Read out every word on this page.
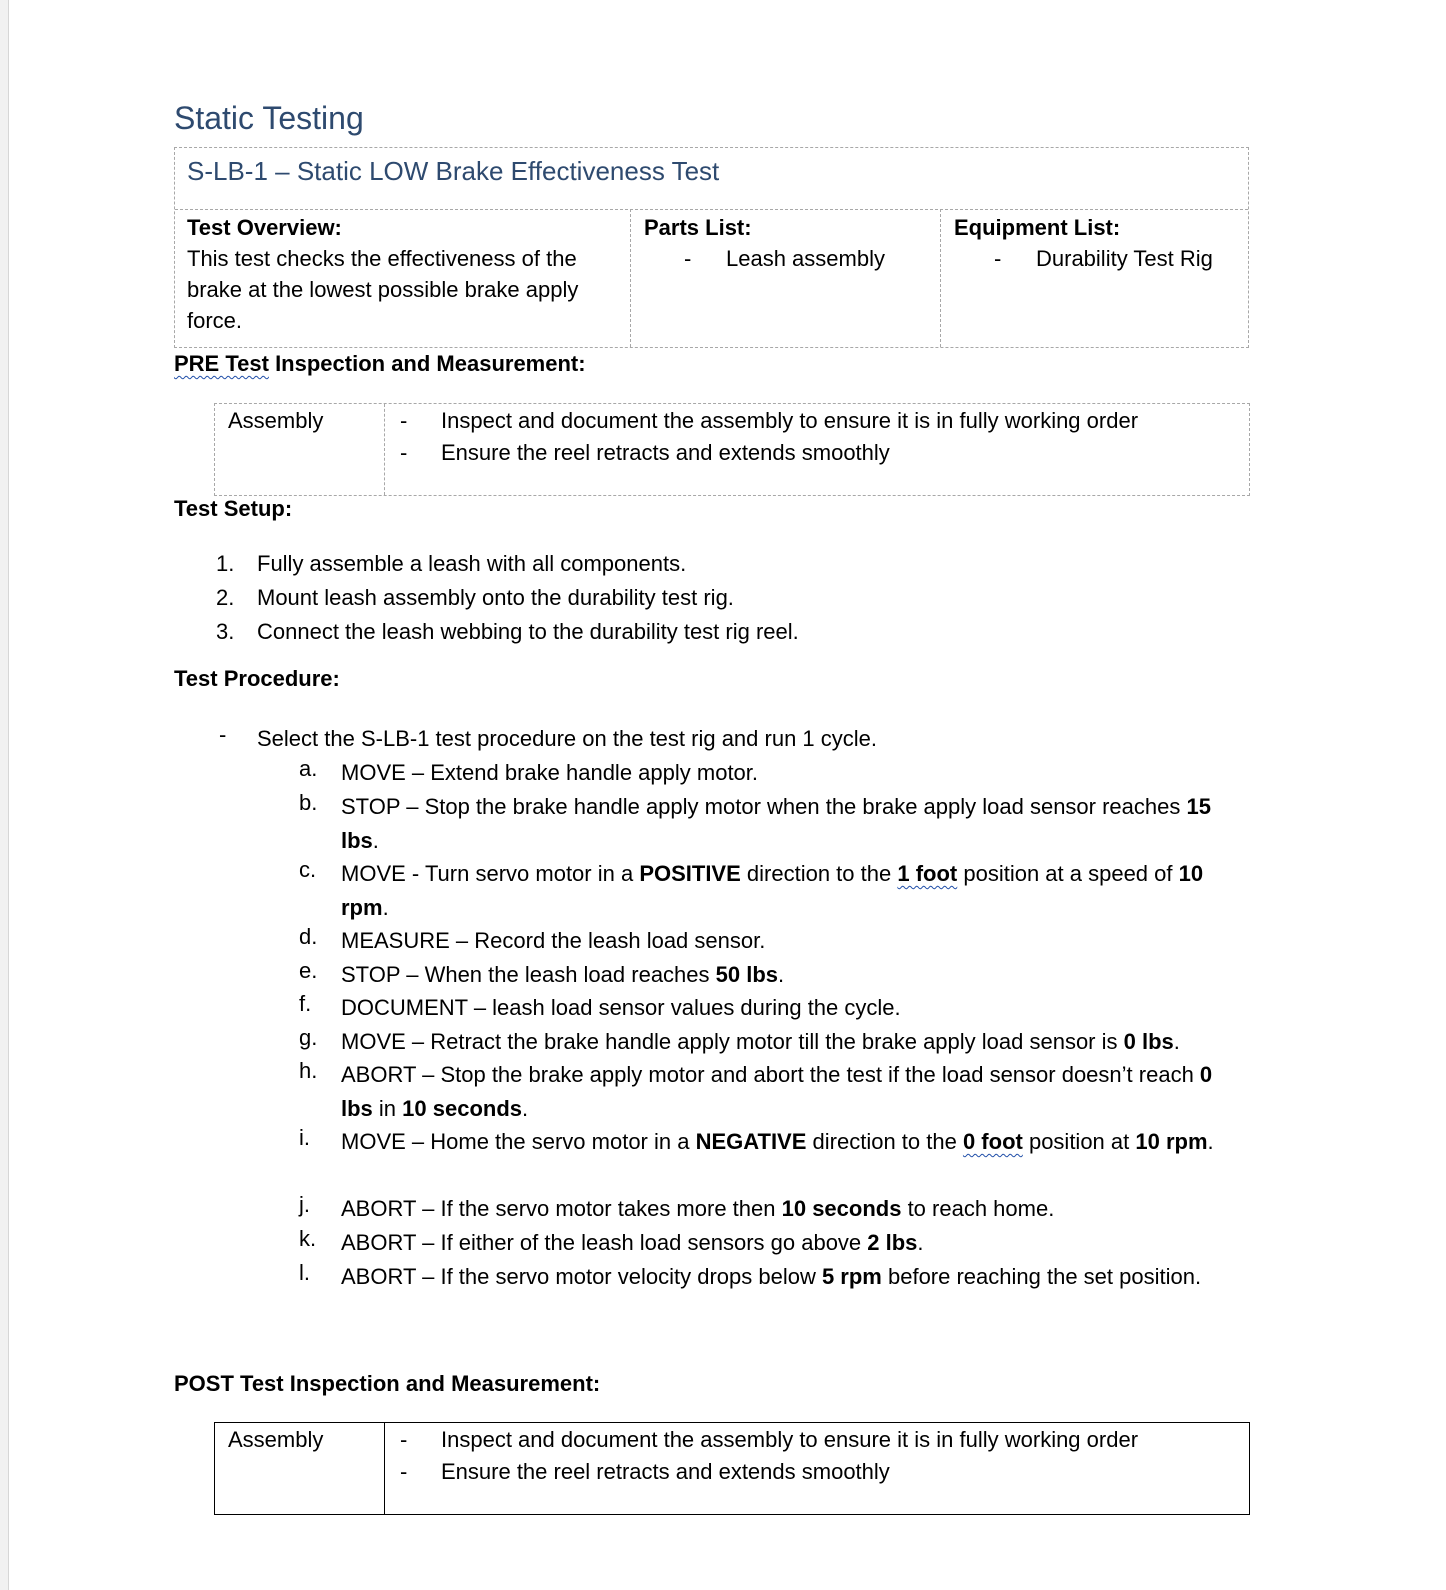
Static Testing
S-LB-1 – Static LOW Brake Effectiveness Test
Test Overview:
This test checks the effectiveness of the
brake at the lowest possible brake apply
force.
Parts List:
- Leash assembly
Equipment List:
- Durability Test Rig
PRE Test Inspection and Measurement:
Assembly	- Inspect and document the assembly to ensure it is in fully working order
- Ensure the reel retracts and extends smoothly
Test Setup:
1. Fully assemble a leash with all components.
2. Mount leash assembly onto the durability test rig.
3. Connect the leash webbing to the durability test rig reel.
Test Procedure:
- Select the S-LB-1 test procedure on the test rig and run 1 cycle.
a. MOVE – Extend brake handle apply motor.
b. STOP – Stop the brake handle apply motor when the brake apply load sensor reaches 15 lbs.
c. MOVE - Turn servo motor in a POSITIVE direction to the 1 foot position at a speed of 10 rpm.
d. MEASURE – Record the leash load sensor.
e. STOP – When the leash load reaches 50 lbs.
f. DOCUMENT – leash load sensor values during the cycle.
g. MOVE – Retract the brake handle apply motor till the brake apply load sensor is 0 lbs.
h. ABORT – Stop the brake apply motor and abort the test if the load sensor doesn’t reach 0 lbs in 10 seconds.
i. MOVE – Home the servo motor in a NEGATIVE direction to the 0 foot position at 10 rpm.
j. ABORT – If the servo motor takes more then 10 seconds to reach home.
k. ABORT – If either of the leash load sensors go above 2 lbs.
l. ABORT – If the servo motor velocity drops below 5 rpm before reaching the set position.
POST Test Inspection and Measurement:
Assembly	- Inspect and document the assembly to ensure it is in fully working order
- Ensure the reel retracts and extends smoothly
